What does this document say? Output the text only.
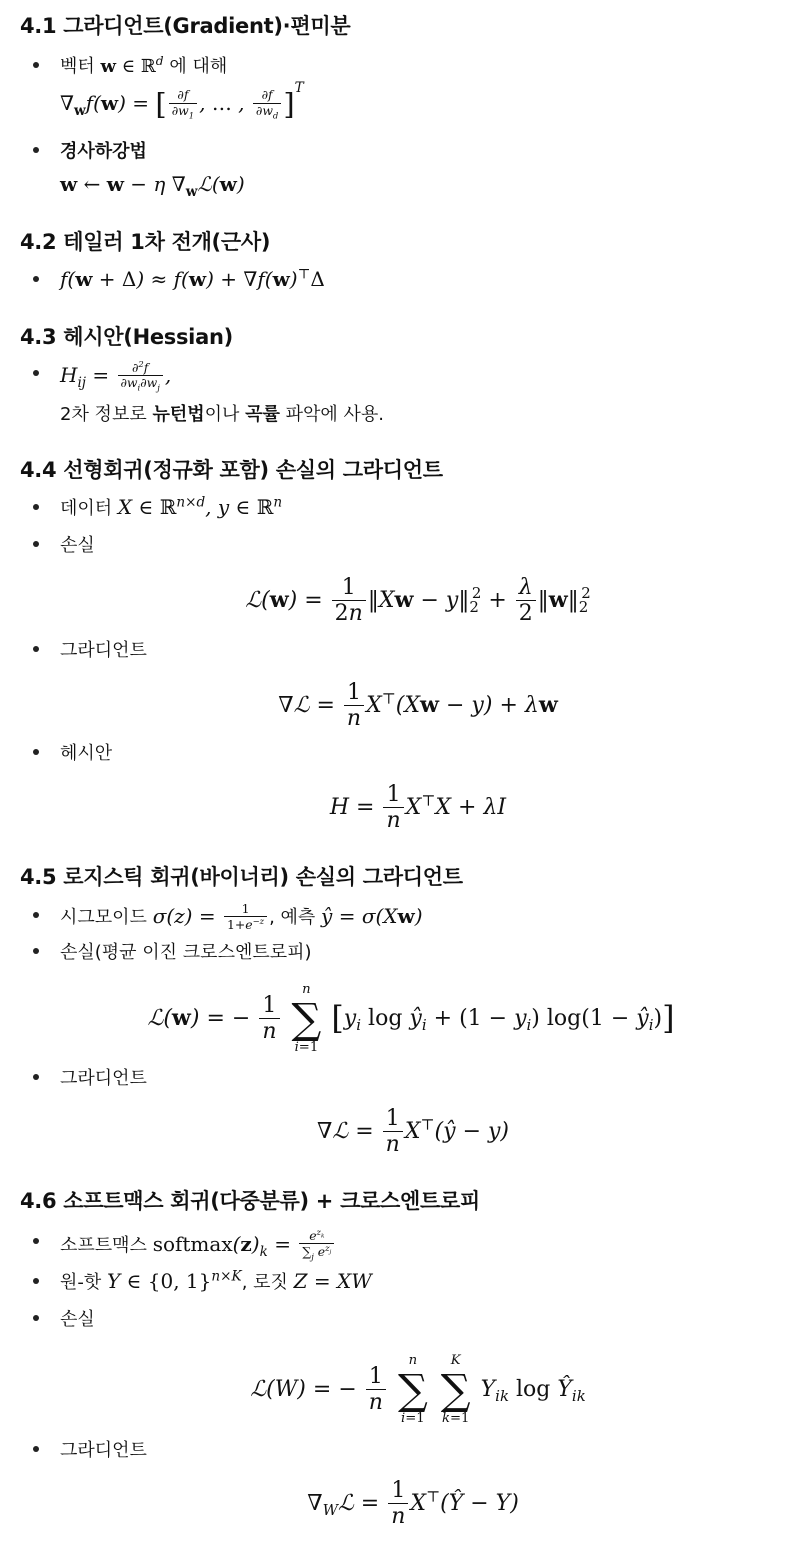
4.1 그라디언트(Gradient)·편미분
벡터 w ∈ ℝ$^d$ 에 대해
$\nabla_wf(w)$ = [ $\frac{\partial f}{\partial w_1}$ , … , $\frac{\partial f}{\partial w_d} ]^T$
경사하강법
w ← w − η $\nabla_wℒ(w)$
4.2 테일러 1차 전개(근사)
f(w + Δ) ≈ f(w) + ∇f(w)⊤Δ
4.3 헤시안(Hessian)
$H_{ij} = \frac{\partial^2f}{\partial w_i\partial w_j}$ ,
2차 정보로 뉴턴법이나 곡률 파악에 사용.
4.4 선형회귀(정규화 포함) 손실의 그라디언트
데이터 X ∈ ℝ$^{n\times d}$, y ∈ ℝ$^n$
손실
ℒ(w) = $\frac{1}{2n}$ ‖Xw − $y‖_2^2 + \frac{\lambda}{2}$ $‖w‖_2^2$
그라디언트
∇ℒ = $\frac{1}{n} X^⊤(Xw - y) + \lambda w$
헤시안
$H = \frac{1}{n} X^⊤X + \lambda I$
4.5 로지스틱 회귀(바이너리) 손실의 그라디언트
시그모이드 $\sigma(z) = \frac{1}{1+e^{-z}}$ , 예측 ŷ = σ(Xw)
손실(평균 이진 크로스엔트로피)
ℒ(w) = − $\frac{1}{n}$

n
∑
i=1
[$y_i$ $\log ŷ_i + (1 - y_i) \log(1$ − $ŷ_i$)]
그라디언트
∇ℒ = $\frac{1}{n}$ X⊤(ŷ − y)
4.6 소프트맥스 회귀(다중분류) + 크로스엔트로피
소프트맥스 $softmax(z)_k$ =	$e^{z_k}$
$\sum_j$ $e^{z_j}$
원-핫 Y ∈ {0, 1}$^{n\times K}$, 로짓 Z = XW
손실
ℒ(W) = − $\frac{1}{n}$

n
∑
i=1

K
∑
k=1
$Y_{ik}$ $\log Ŷ_{ik}$
그라디언트
$\nabla_Wℒ = \frac{1}{n}$ X⊤(Ŷ − Y)
